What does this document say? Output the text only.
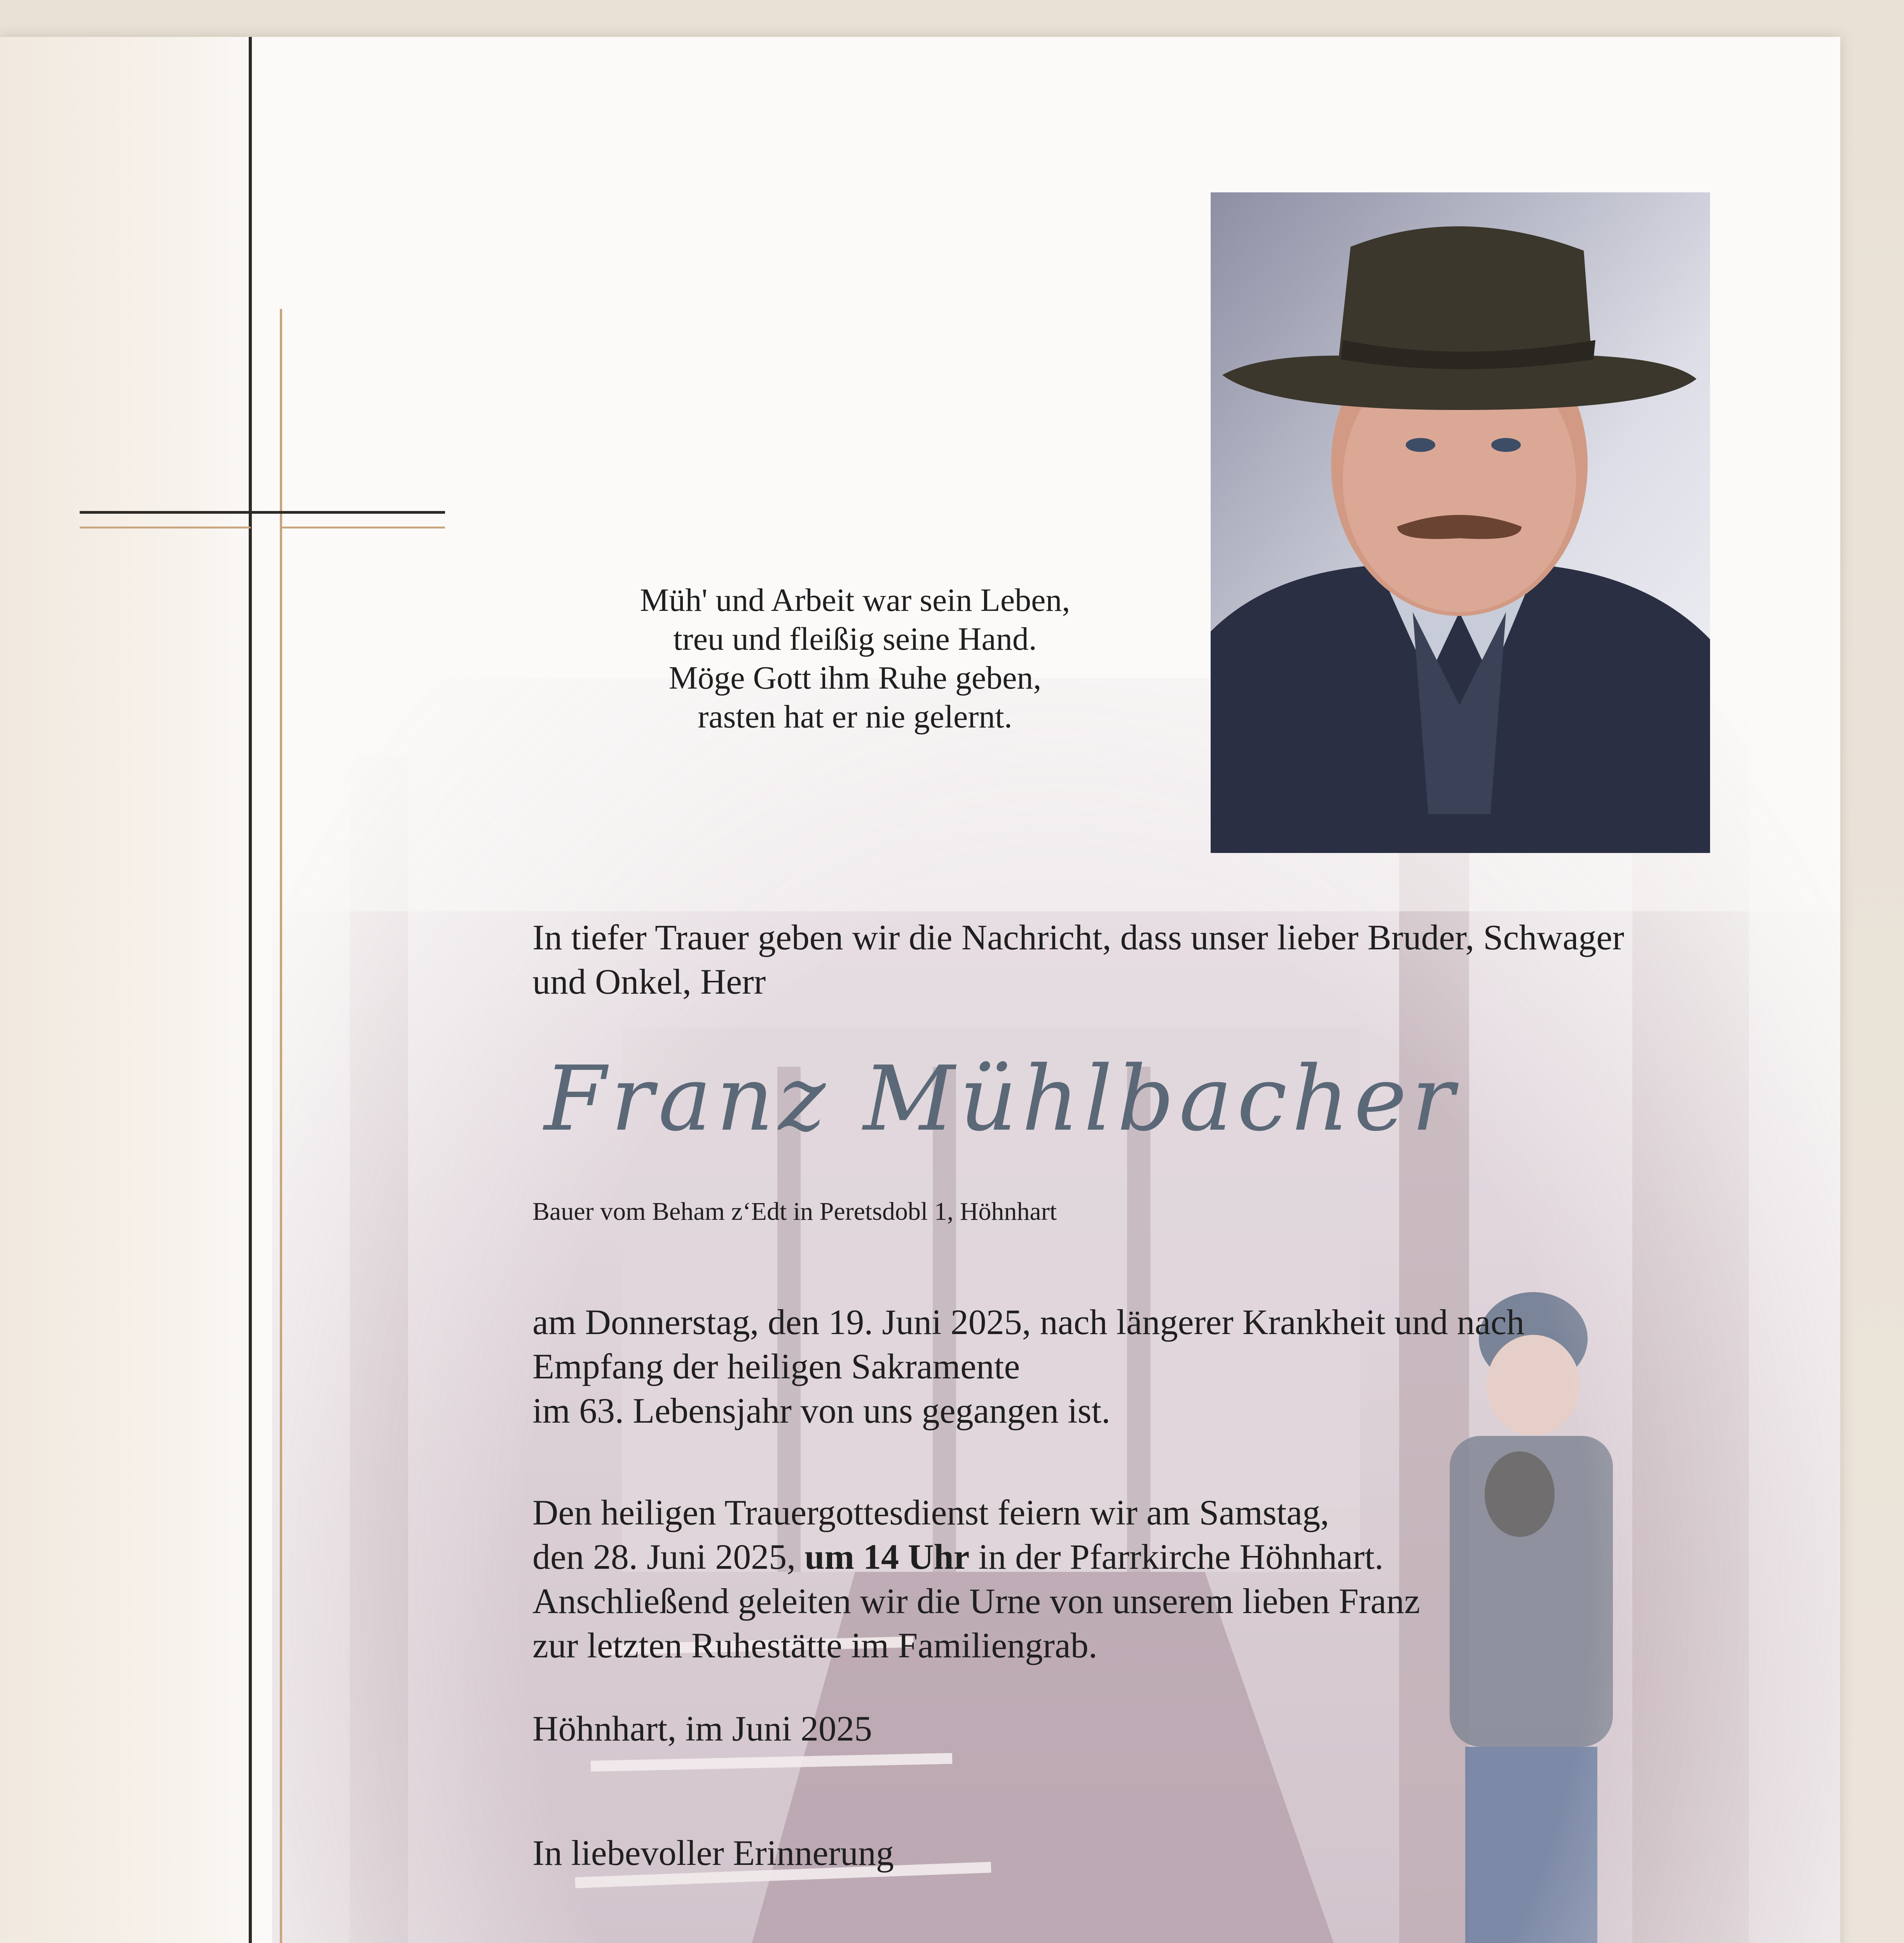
Müh' und Arbeit war sein Leben,
treu und fleißig seine Hand.
Möge Gott ihm Ruhe geben,
rasten hat er nie gelernt.
In tiefer Trauer geben wir die Nachricht, dass unser lieber Bruder, Schwager
und Onkel, Herr
Franz Mühlbacher
Bauer vom Beham z‘Edt in Peretsdobl 1, Höhnhart
am Donnerstag, den 19. Juni 2025, nach längerer Krankheit und nach
Empfang der heiligen Sakramente
im 63. Lebensjahr von uns gegangen ist.
Den heiligen Trauergottesdienst feiern wir am Samstag,
den 28. Juni 2025, um 14 Uhr in der Pfarrkirche Höhnhart.
Anschließend geleiten wir die Urne von unserem lieben Franz
zur letzten Ruhestätte im Familiengrab.
Höhnhart, im Juni 2025
In liebevoller Erinnerung
